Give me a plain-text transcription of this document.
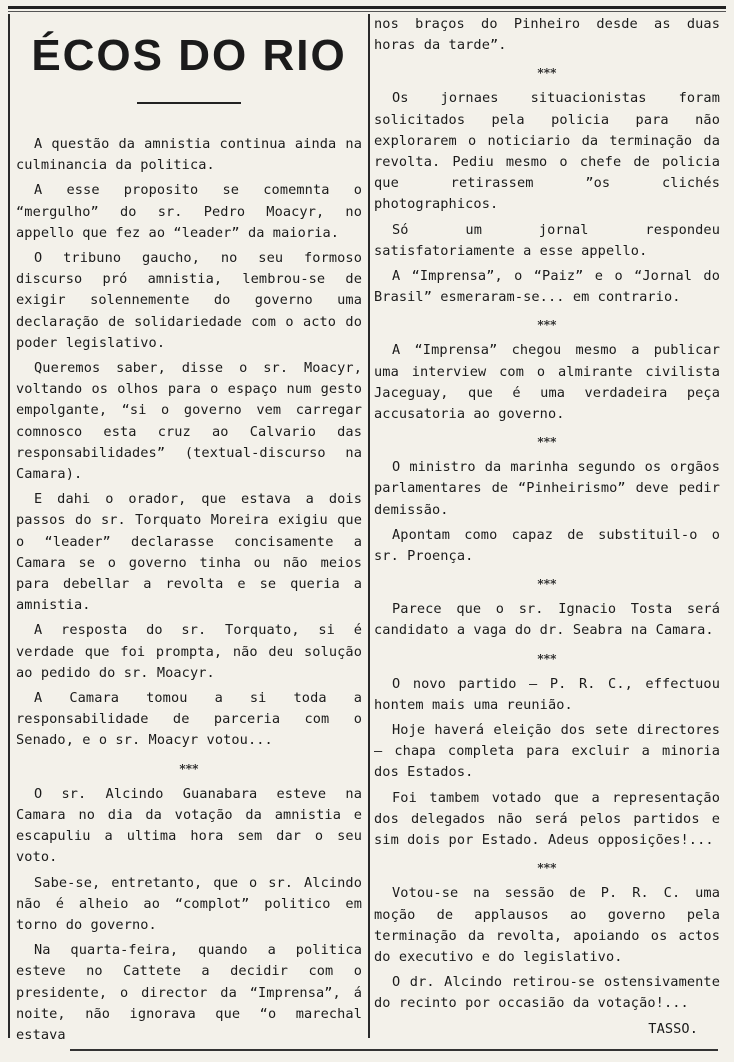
ÉCOS DO RIO

A questão da amnistia continua ainda na culminancia da politica.

A esse proposito se comemnta o “mergulho” do sr. Pedro Moacyr, no appello que fez ao “leader” da maioria.

O tribuno gaucho, no seu formoso discurso pró amnistia, lembrou-se de exigir solennemente do governo uma declaração de solidariedade com o acto do poder legislativo.

Queremos saber, disse o sr. Moacyr, voltando os olhos para o espaço num gesto empolgante, “si o governo vem carregar comnosco esta cruz ao Calvario das responsabilidades” (textual-discurso na Camara).

E dahi o orador, que estava a dois passos do sr. Torquato Moreira exigiu que o “leader” declarasse concisamente a Camara se o governo tinha ou não meios para debellar a revolta e se queria a amnistia.

A resposta do sr. Torquato, si é verdade que foi prompta, não deu solução ao pedido do sr. Moacyr.

A Camara tomou a si toda a responsabilidade de parceria com o Senado, e o sr. Moacyr votou...

***

O sr. Alcindo Guanabara esteve na Camara no dia da votação da amnistia e escapuliu a ultima hora sem dar o seu voto.

Sabe-se, entretanto, que o sr. Alcindo não é alheio ao “complot” politico em torno do governo.

Na quarta-feira, quando a politica esteve no Cattete a decidir com o presidente, o director da “Imprensa”, á noite, não ignorava que “o marechal estava

nos braços do Pinheiro desde as duas horas da tarde”.

***

Os jornaes situacionistas foram solicitados pela policia para não explorarem o noticiario da terminação da revolta. Pediu mesmo o chefe de policia que retirassem ”os clichés photographicos.

Só um jornal respondeu satisfatoriamente a esse appello.

A “Imprensa”, o “Paiz” e o “Jornal do Brasil” esmeraram-se... em contrario.

***

A “Imprensa” chegou mesmo a publicar uma interview com o almirante civilista Jaceguay, que é uma verdadeira peça accusatoria ao governo.

***

O ministro da marinha segundo os orgãos parlamentares de “Pinheirismo” deve pedir demissão.

Apontam como capaz de substituil-o o sr. Proença.

***

Parece que o sr. Ignacio Tosta será candidato a vaga do dr. Seabra na Camara.

***

O novo partido — P. R. C., effectuou hontem mais uma reunião.

Hoje haverá eleição dos sete directores — chapa completa para excluir a minoria dos Estados.

Foi tambem votado que a representação dos delegados não será pelos partidos e sim dois por Estado. Adeus opposições!...

***

Votou-se na sessão de P. R. C. uma moção de applausos ao governo pela terminação da revolta, apoiando os actos do executivo e do legislativo.

O dr. Alcindo retirou-se ostensivamente do recinto por occasião da votação!...

TASSO.
